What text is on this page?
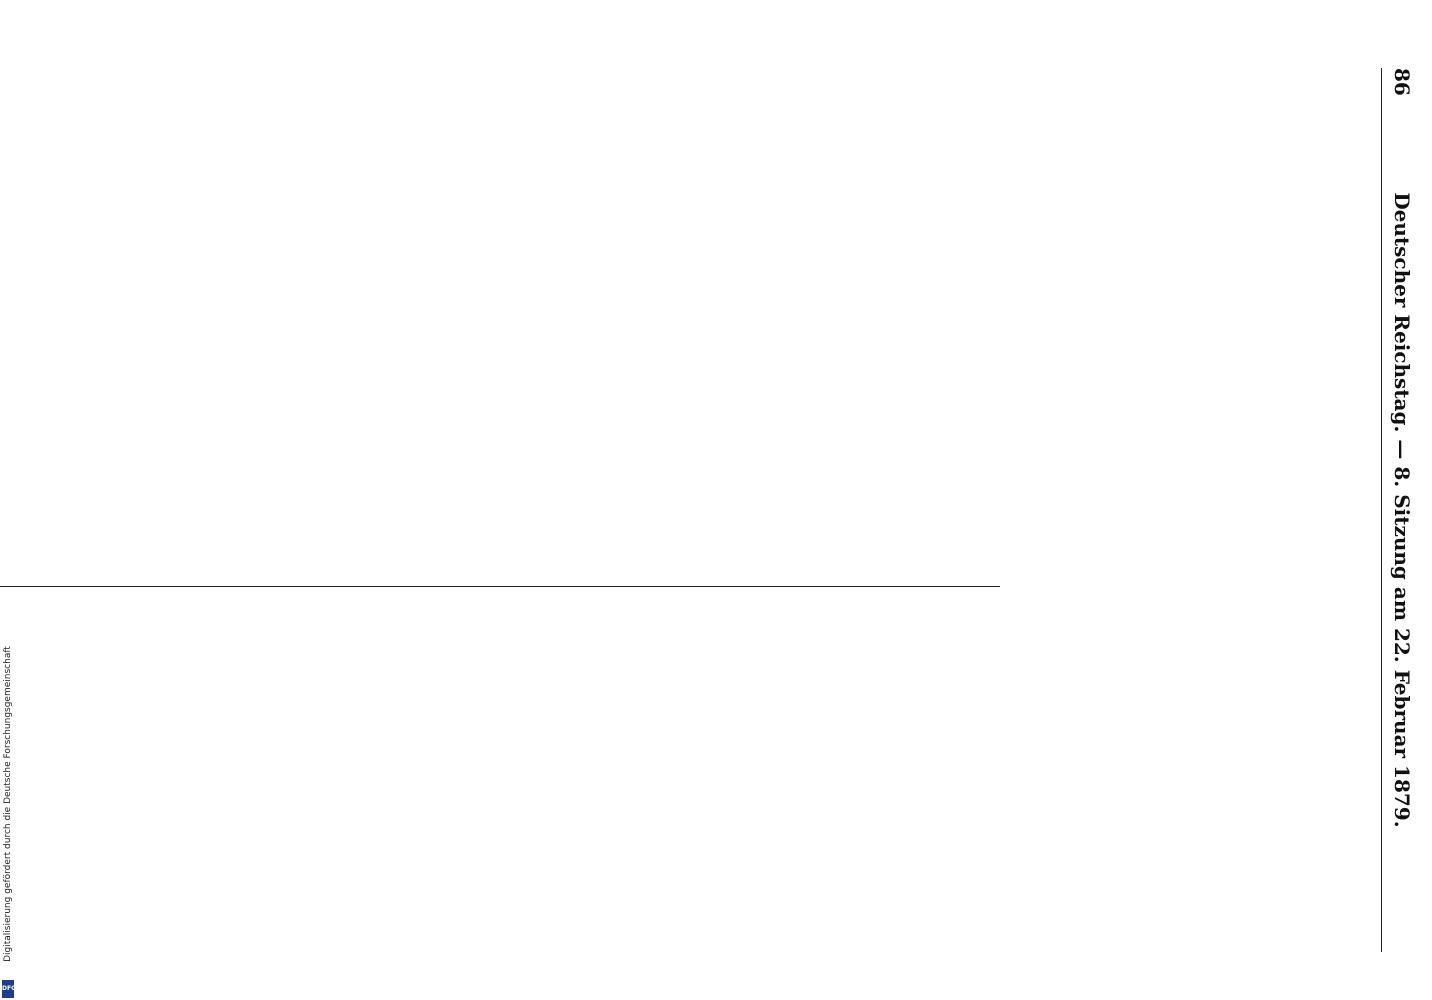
86
Deutscher Reichstag. — 8. Sitzung am 22. Februar 1879.
Digitalisierung gefördert durch die Deutsche Forschungsgemeinschaft
DFG
